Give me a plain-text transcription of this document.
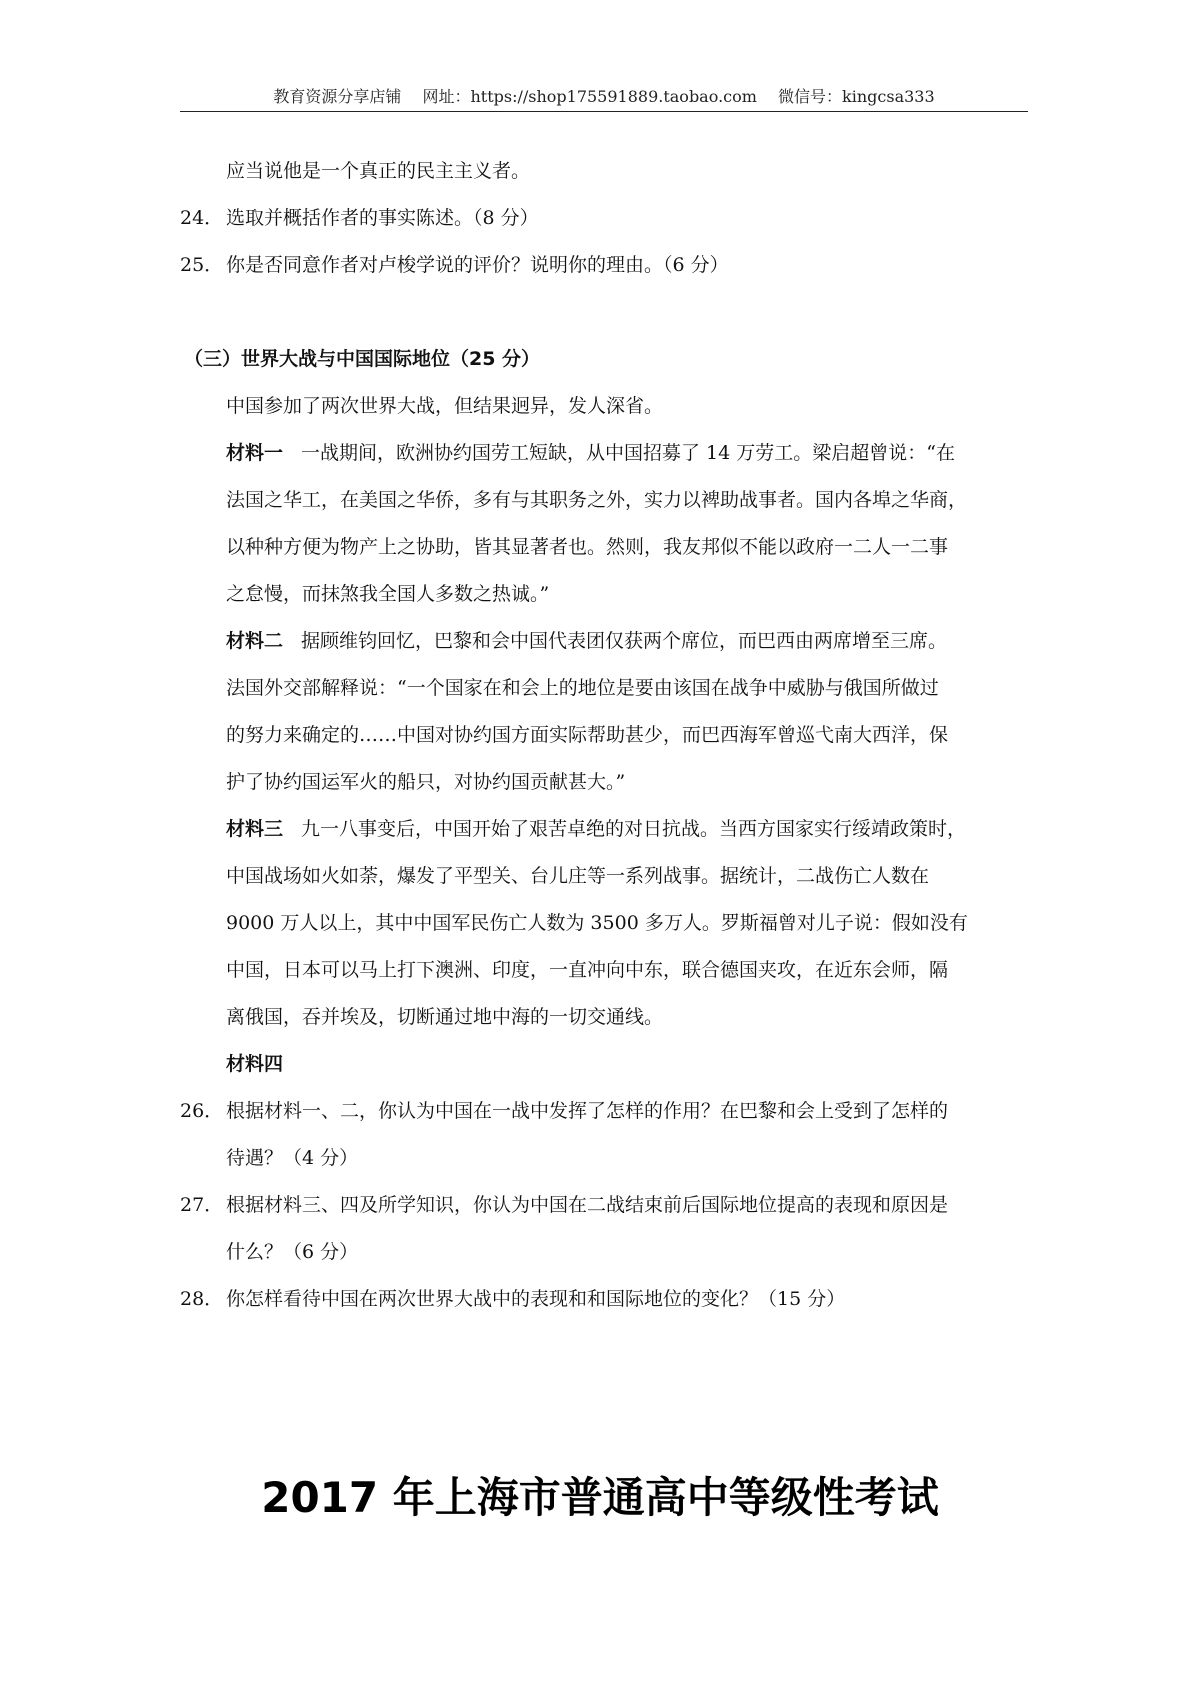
教育资源分享店铺 网址：https://shop175591889.taobao.com 微信号：kingcsa333
应当说他是一个真正的民主主义者。
24． 选取并概括作者的事实陈述。（8 分）
25． 你是否同意作者对卢梭学说的评价？说明你的理由。（6 分）
（三）世界大战与中国国际地位（25 分）
中国参加了两次世界大战，但结果迥异，发人深省。
材料一 一战期间，欧洲协约国劳工短缺，从中国招募了 14 万劳工。梁启超曾说：“在
法国之华工，在美国之华侨，多有与其职务之外，实力以裨助战事者。国内各埠之华商，
以种种方便为物产上之协助，皆其显著者也。然则，我友邦似不能以政府一二人一二事
之怠慢，而抹煞我全国人多数之热诚。”
材料二 据顾维钧回忆，巴黎和会中国代表团仅获两个席位，而巴西由两席增至三席。
法国外交部解释说：“一个国家在和会上的地位是要由该国在战争中威胁与俄国所做过
的努力来确定的……中国对协约国方面实际帮助甚少，而巴西海军曾巡弋南大西洋，保
护了协约国运军火的船只，对协约国贡献甚大。”
材料三 九一八事变后，中国开始了艰苦卓绝的对日抗战。当西方国家实行绥靖政策时，
中国战场如火如荼，爆发了平型关、台儿庄等一系列战事。据统计，二战伤亡人数在
9000 万人以上，其中中国军民伤亡人数为 3500 多万人。罗斯福曾对儿子说：假如没有
中国，日本可以马上打下澳洲、印度，一直冲向中东，联合德国夹攻，在近东会师，隔
离俄国，吞并埃及，切断通过地中海的一切交通线。
材料四
26． 根据材料一、二，你认为中国在一战中发挥了怎样的作用？在巴黎和会上受到了怎样的
待遇？（4 分）
27． 根据材料三、四及所学知识，你认为中国在二战结束前后国际地位提高的表现和原因是
什么？（6 分）
28． 你怎样看待中国在两次世界大战中的表现和和国际地位的变化？（15 分）
2017 年上海市普通高中等级性考试
